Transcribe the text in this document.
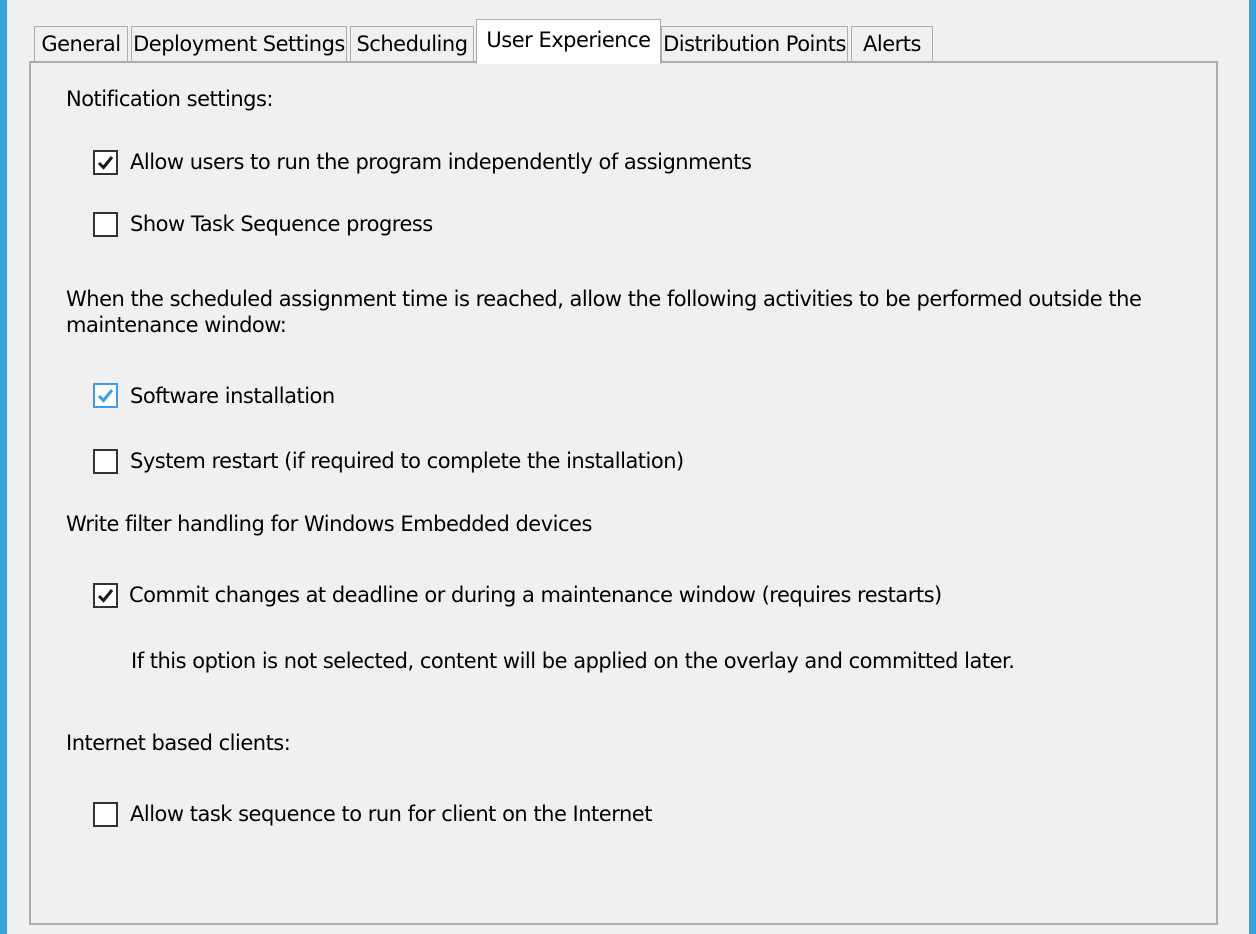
General Deployment Settings Scheduling User Experience Distribution Points Alerts
Notification settings:
Allow users to run the program independently of assignments
Show Task Sequence progress
When the scheduled assignment time is reached, allow the following activities to be performed outside the
maintenance window:
Software installation
System restart (if required to complete the installation)
Write filter handling for Windows Embedded devices
Commit changes at deadline or during a maintenance window (requires restarts)
If this option is not selected, content will be applied on the overlay and committed later.
Internet based clients:
Allow task sequence to run for client on the Internet
